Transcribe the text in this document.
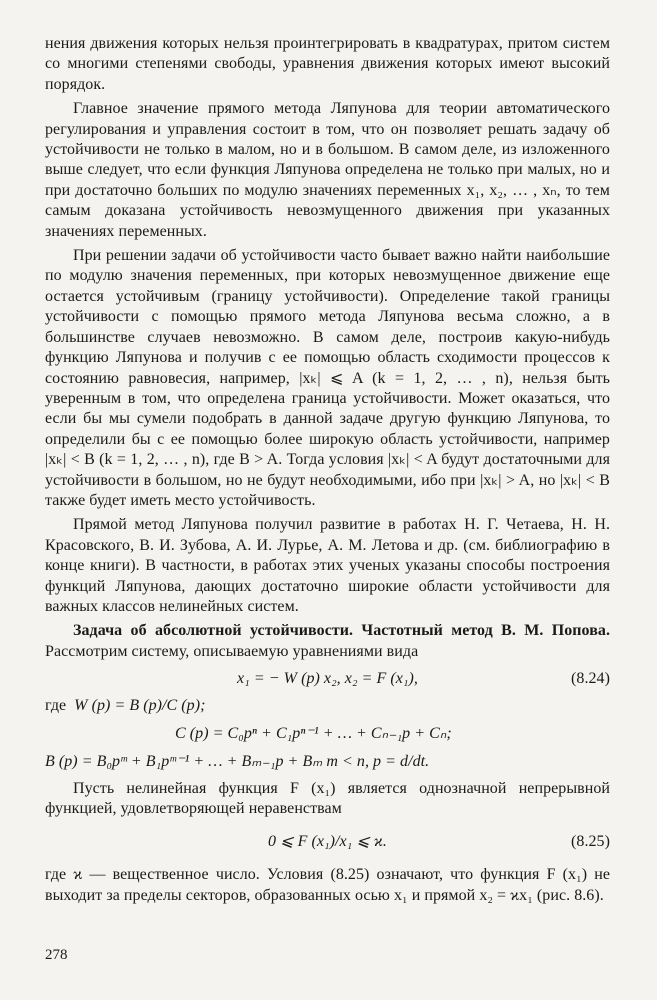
нения движения которых нельзя проинтегрировать в квадратурах, притом систем со многими степенями свободы, уравнения движения которых имеют высокий порядок.

Главное значение прямого метода Ляпунова для теории автоматического регулирования и управления состоит в том, что он позволяет решать задачу об устойчивости не только в малом, но и в большом. В самом деле, из изложенного выше следует, что если функция Ляпунова определена не только при малых, но и при достаточно больших по модулю значениях переменных x₁, x₂, … , xₙ, то тем самым доказана устойчивость невозмущенного движения при указанных значениях переменных.

При решении задачи об устойчивости часто бывает важно найти наибольшие по модулю значения переменных, при которых невозмущенное движение еще остается устойчивым (границу устойчивости). Определение такой границы устойчивости с помощью прямого метода Ляпунова весьма сложно, а в большинстве случаев невозможно. В самом деле, построив какую-нибудь функцию Ляпунова и получив с ее помощью область сходимости процессов к состоянию равновесия, например, |xₖ| ⩽ A (k = 1, 2, … , n), нельзя быть уверенным в том, что определена граница устойчивости. Может оказаться, что если бы мы сумели подобрать в данной задаче другую функцию Ляпунова, то определили бы с ее помощью более широкую область устойчивости, например |xₖ| < B (k = 1, 2, … , n), где B > A. Тогда условия |xₖ| < A будут достаточными для устойчивости в большом, но не будут необходимыми, ибо при |xₖ| > A, но |xₖ| < B также будет иметь место устойчивость.

Прямой метод Ляпунова получил развитие в работах Н. Г. Четаева, Н. Н. Красовского, В. И. Зубова, А. И. Лурье, А. М. Летова и др. (см. библиографию в конце книги). В частности, в работах этих ученых указаны способы построения функций Ляпунова, дающих достаточно широкие области устойчивости для важных классов нелинейных систем.

Задача об абсолютной устойчивости. Частотный метод В. М. Попова. Рассмотрим систему, описываемую уравнениями вида

x₁ = − W (p) x₂, x₂ = F (x₁),	(8.24)
где W (p) = B (p)/C (p);
C (p) = C₀pⁿ + C₁pⁿ⁻¹ + … + Cₙ₋₁p + Cₙ;
B (p) = B₀pᵐ + B₁pᵐ⁻¹ + … + Bₘ₋₁p + Bₘ m < n, p = d/dt.

Пусть нелинейная функция F (x₁) является однозначной непрерывной функцией, удовлетворяющей неравенствам

0 ⩽ F (x₁)/x₁ ⩽ ϰ.	(8.25)

где ϰ — вещественное число. Условия (8.25) означают, что функция F (x₁) не выходит за пределы секторов, образованных осью x₁ и прямой x₂ = ϰx₁ (рис. 8.6).

278
